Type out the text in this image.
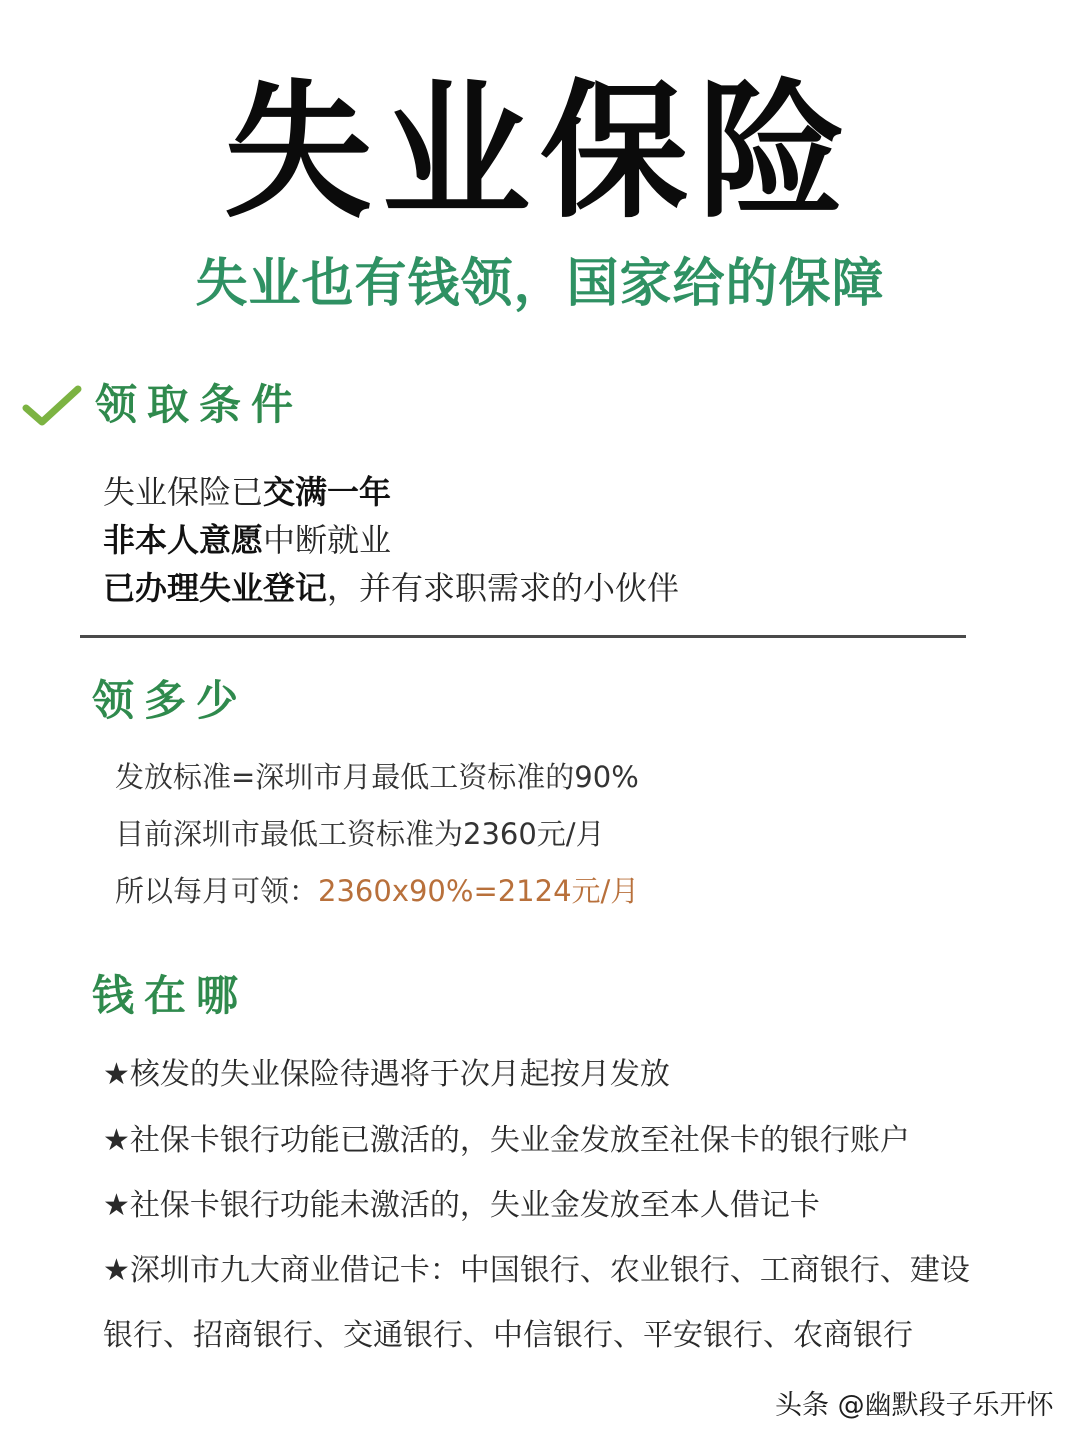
失业保险
失业也有钱领，国家给的保障
领取条件
失业保险已交满一年
非本人意愿中断就业
已办理失业登记，并有求职需求的小伙伴
领多少
发放标准=深圳市月最低工资标准的90%
目前深圳市最低工资标准为2360元/月
所以每月可领：2360x90%=2124元/月
钱在哪
★核发的失业保险待遇将于次月起按月发放
★社保卡银行功能已激活的，失业金发放至社保卡的银行账户
★社保卡银行功能未激活的，失业金发放至本人借记卡
★深圳市九大商业借记卡：中国银行、农业银行、工商银行、建设
银行、招商银行、交通银行、中信银行、平安银行、农商银行
头条 @幽默段子乐开怀
